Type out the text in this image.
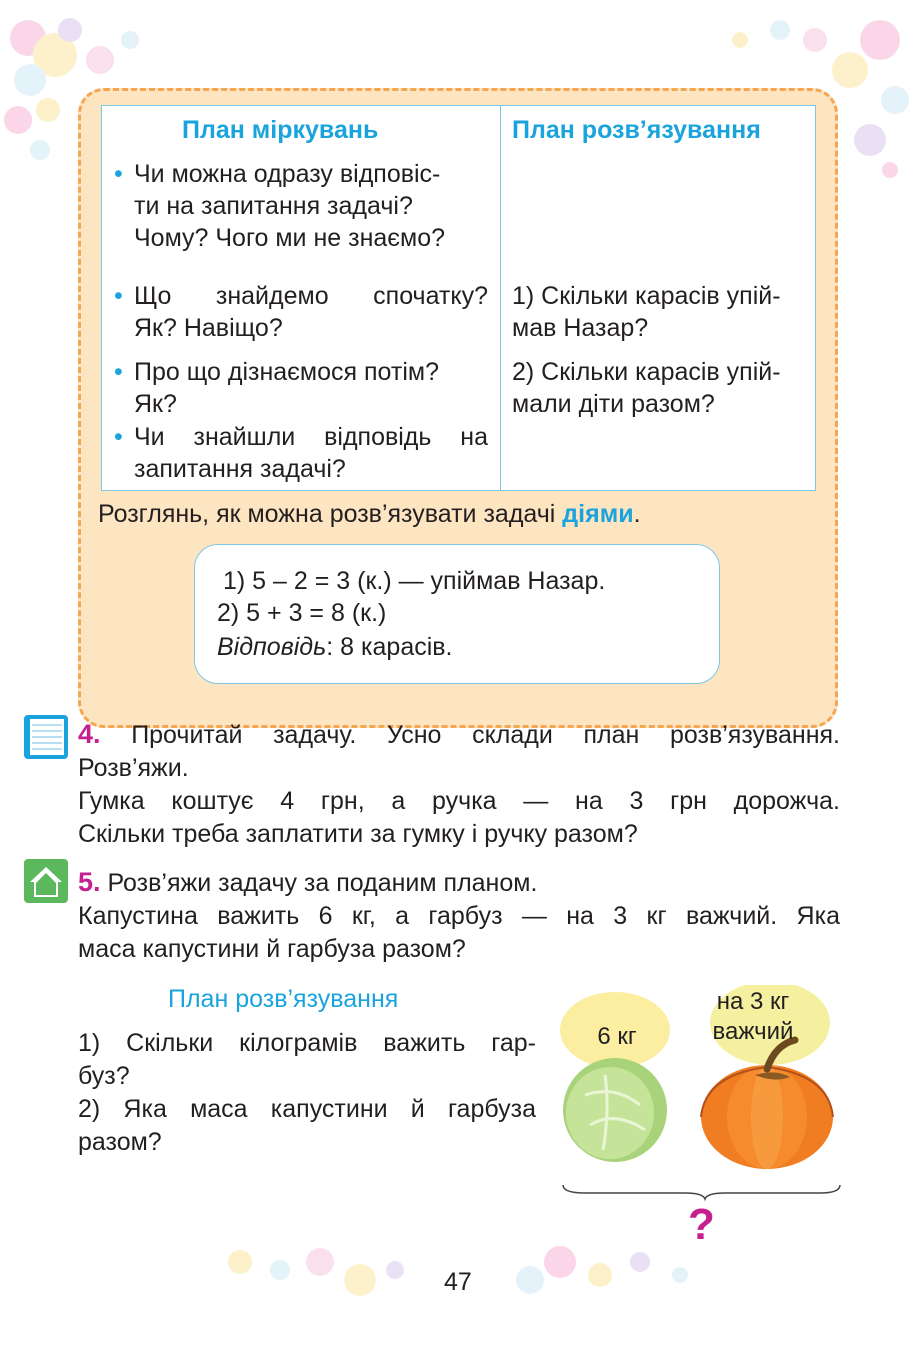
План міркувань	План розв’язування
• Чи можна одразу відповіс-
ти на запитання задачі?
Чому? Чого ми не знаємо?
• Що знайдемо спочатку?
Як? Навіщо?
• Про що дізнаємося потім?
Як?
• Чи знайшли відповідь на
запитання задачі?
1) Скільки карасів упій-
мав Назар?
2) Скільки карасів упій-
мали діти разом?
Розглянь, як можна розв’язувати задачі діями.
1) 5 – 2 = 3 (к.) — упіймав Назар.
2) 5 + 3 = 8 (к.)
Відповідь: 8 карасів.
4. Прочитай задачу. Усно склади план розв’язування.
Розв’яжи.
Гумка коштує 4 грн, а ручка — на 3 грн дорожча.
Скільки треба заплатити за гумку і ручку разом?
5. Розв’яжи задачу за поданим планом.
Капустина важить 6 кг, а гарбуз — на 3 кг важчий. Яка
маса капустини й гарбуза разом?
План розв’язування
1) Скільки кілограмів важить гар-
буз?
2) Яка маса капустини й гарбуза
разом?
6 кг
на 3 кг
важчий
?
47
